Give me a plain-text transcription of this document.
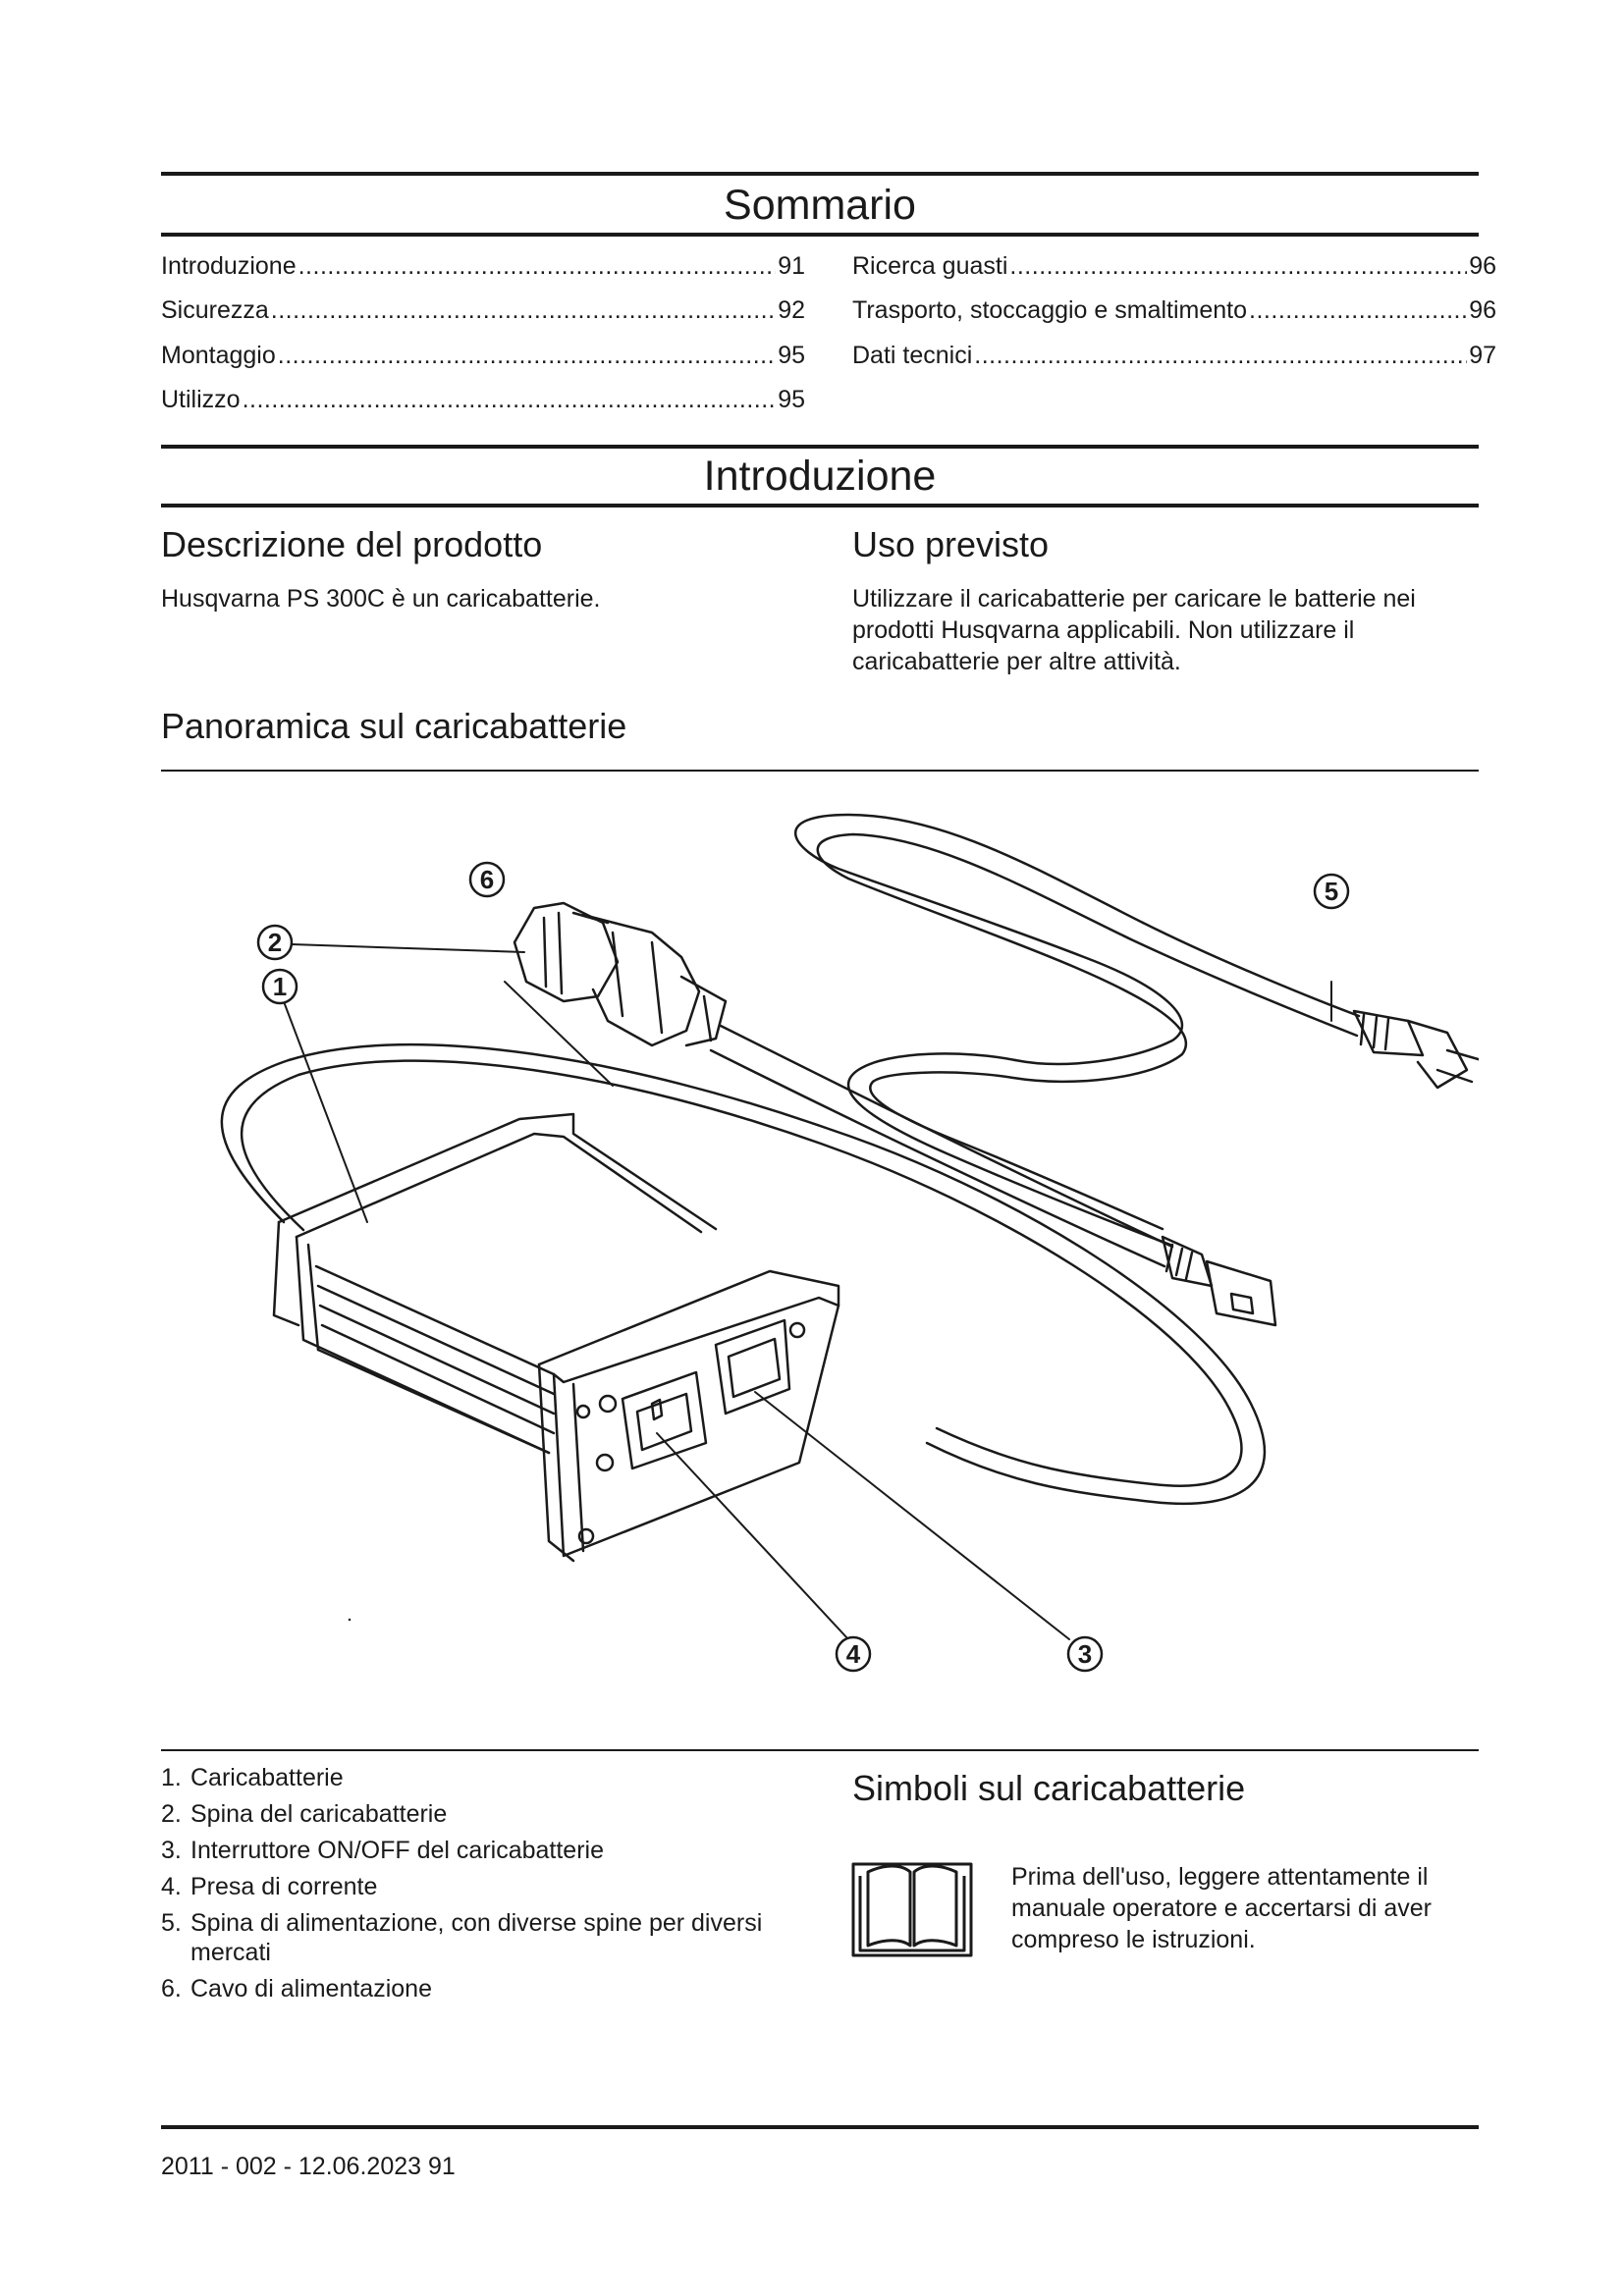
Sommario
Introduzione .....	91
Sicurezza .....	92
Montaggio .....	95
Utilizzo .....	95
Ricerca guasti .....	96
Trasporto, stoccaggio e smaltimento .....	96
Dati tecnici .....	97
Introduzione
Descrizione del prodotto
Husqvarna PS 300C è un caricabatterie.
Uso previsto
Utilizzare il caricabatterie per caricare le batterie nei prodotti Husqvarna applicabili. Non utilizzare il caricabatterie per altre attività.
Panoramica sul caricabatterie
2
1
6	5
4	3
1. Caricabatterie
2. Spina del caricabatterie
3. Interruttore ON/OFF del caricabatterie
4. Presa di corrente
5. Spina di alimentazione, con diverse spine per diversi mercati
6. Cavo di alimentazione
Simboli sul caricabatterie
Prima dell'uso, leggere attentamente il manuale operatore e accertarsi di aver compreso le istruzioni.
2011 - 002 - 12.06.2023 91
